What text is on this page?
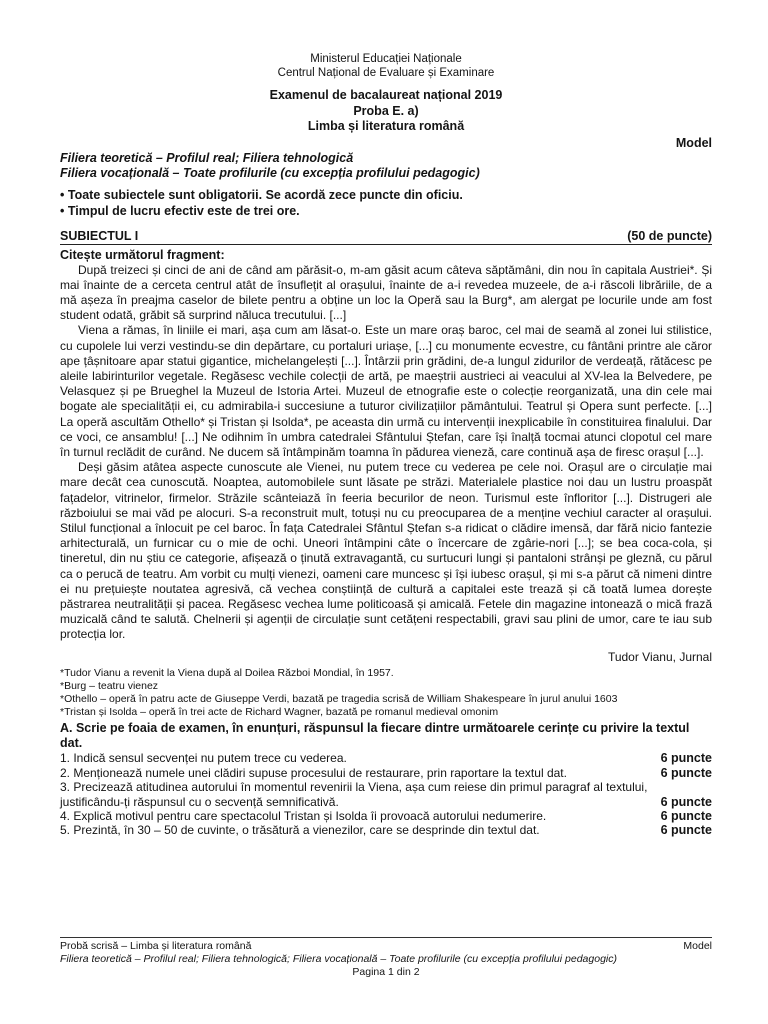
Ministerul Educației Naționale
Centrul Național de Evaluare și Examinare
Examenul de bacalaureat național 2019
Proba E. a)
Limba și literatura română
Model
Filiera teoretică – Profilul real; Filiera tehnologică
Filiera vocațională – Toate profilurile (cu excepția profilului pedagogic)
• Toate subiectele sunt obligatorii. Se acordă zece puncte din oficiu.
• Timpul de lucru efectiv este de trei ore.
SUBIECTUL I	(50 de puncte)
Citește următorul fragment:

După treizeci și cinci de ani de când am părăsit-o, m-am găsit acum câteva săptămâni, din nou în capitala Austriei*. Și mai înainte de a cerceta centrul atât de însuflețit al orașului, înainte de a-i revedea muzeele, de a-i răscoli librăriile, de a mă așeza în preajma caselor de bilete pentru a obține un loc la Operă sau la Burg*, am alergat pe locurile unde am fost student odată, grăbit să surprind năluca trecutului. [...]

Viena a rămas, în liniile ei mari, așa cum am lăsat-o. Este un mare oraș baroc, cel mai de seamă al zonei lui stilistice, cu cupolele lui verzi vestindu-se din depărtare, cu portaluri uriașe, [...] cu monumente ecvestre, cu fântâni printre ale căror ape țâșnitoare apar statui gigantice, michelangelești [...]. Întârzii prin grădini, de-a lungul zidurilor de verdeață, rătăcesc pe aleile labirinturilor vegetale. Regăsesc vechile colecții de artă, pe maeștrii austrieci ai veacului al XV-lea la Belvedere, pe Velasquez și pe Brueghel la Muzeul de Istoria Artei. Muzeul de etnografie este o colecție reorganizată, una din cele mai bogate ale specialității ei, cu admirabila-i succesiune a tuturor civilizațiilor pământului. Teatrul și Opera sunt perfecte. [...] La operă ascultăm Othello* și Tristan și Isolda*, pe aceasta din urmă cu intervenții inexplicabile în constituirea finalului. Dar ce voci, ce ansamblu! [...] Ne odihnim în umbra catedralei Sfântului Ștefan, care își înalță tocmai atunci clopotul cel mare în turnul reclădit de curând. Ne ducem să întâmpinăm toamna în pădurea vieneză, care continuă așa de firesc orașul [...].

Deși găsim atâtea aspecte cunoscute ale Vienei, nu putem trece cu vederea pe cele noi. Orașul are o circulație mai mare decât cea cunoscută. Noaptea, automobilele sunt lăsate pe străzi. Materialele plastice noi dau un lustru proaspăt fațadelor, vitrinelor, firmelor. Străzile scânteiază în feeria becurilor de neon. Turismul este înfloritor [...]. Distrugeri ale războiului se mai văd pe alocuri. S-a reconstruit mult, totuși nu cu preocuparea de a menține vechiul caracter al orașului. Stilul funcțional a înlocuit pe cel baroc. În fața Catedralei Sfântul Ștefan s-a ridicat o clădire imensă, dar fără nicio fantezie arhitecturală, un furnicar cu o mie de ochi. Uneori întâmpini câte o încercare de zgârie-nori [...]; se bea coca-cola, și tineretul, din nu știu ce categorie, afișează o ținută extravagantă, cu surtucuri lungi și pantaloni strânși pe gleznă, cu părul ca o perucă de teatru. Am vorbit cu mulți vienezi, oameni care muncesc și își iubesc orașul, și mi s-a părut că nimeni dintre ei nu prețuiește noutatea agresivă, că vechea conștiință de cultură a capitalei este trează și că toată lumea dorește păstrarea neutralității și pacea. Regăsesc vechea lume politicoasă și amicală. Fetele din magazine intonează o mică frază muzicală când te salută. Chelnerii și agenții de circulație sunt cetățeni respectabili, gravi sau plini de umor, care te iau sub protecția lor.

Tudor Vianu, Jurnal
*Tudor Vianu a revenit la Viena după al Doilea Război Mondial, în 1957.
*Burg – teatru vienez
*Othello – operă în patru acte de Giuseppe Verdi, bazată pe tragedia scrisă de William Shakespeare în jurul anului 1603
*Tristan și Isolda – operă în trei acte de Richard Wagner, bazată pe romanul medieval omonim
A. Scrie pe foaia de examen, în enunțuri, răspunsul la fiecare dintre următoarele cerințe cu privire la textul dat.
1. Indică sensul secvenței nu putem trece cu vederea.	6 puncte
2. Menționează numele unei clădiri supuse procesului de restaurare, prin raportare la textul dat.	6 puncte
3. Precizează atitudinea autorului în momentul revenirii la Viena, așa cum reiese din primul paragraf al textului, justificându-ți răspunsul cu o secvență semnificativă.	6 puncte
4. Explică motivul pentru care spectacolul Tristan și Isolda îi provoacă autorului nedumerire.	6 puncte
5. Prezintă, în 30 – 50 de cuvinte, o trăsătură a vienezilor, care se desprinde din textul dat.	6 puncte
Probă scrisă – Limba și literatura română	Model
Filiera teoretică – Profilul real; Filiera tehnologică; Filiera vocațională – Toate profilurile (cu excepția profilului pedagogic)
Pagina 1 din 2
